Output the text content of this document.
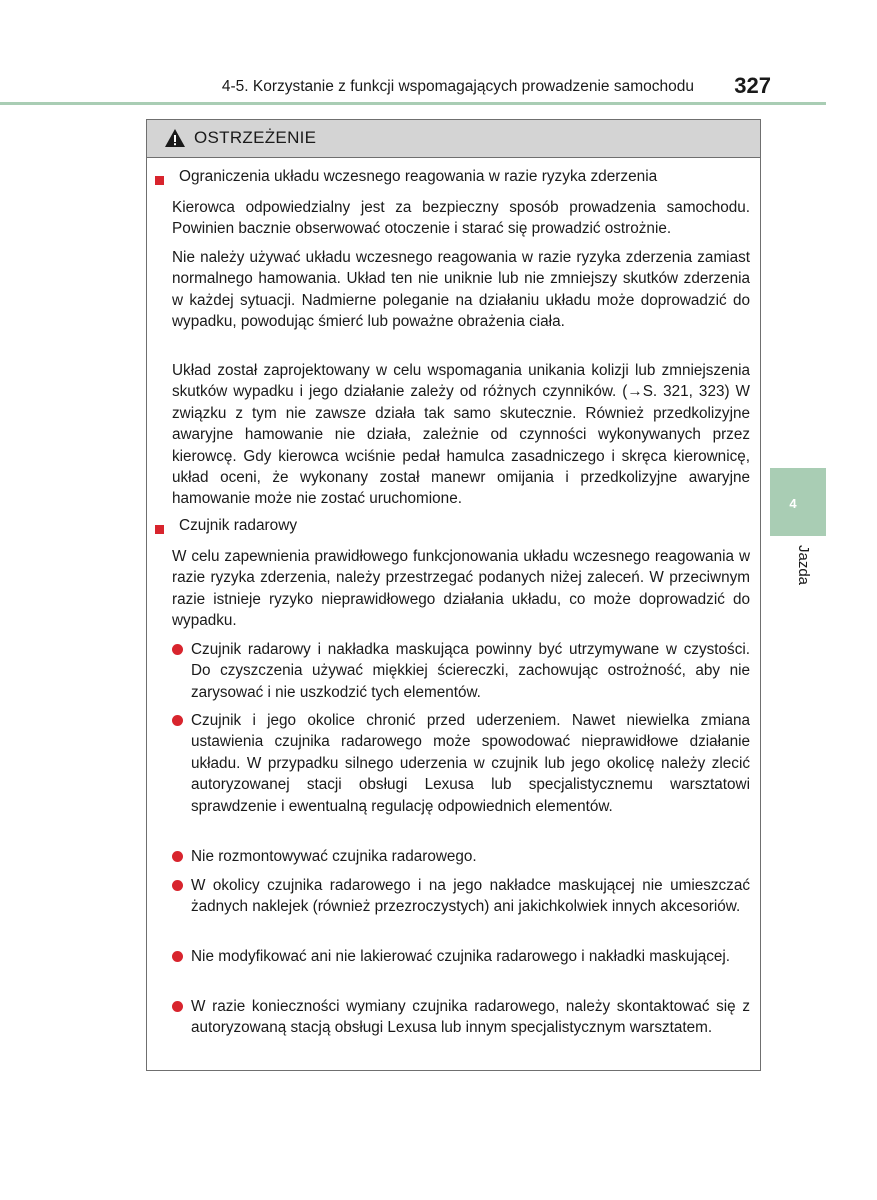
4-5. Korzystanie z funkcji wspomagających prowadzenie samochodu 327
4
Jazda
OSTRZEŻENIE
Ograniczenia układu wczesnego reagowania w razie ryzyka zderzenia
Kierowca odpowiedzialny jest za bezpieczny sposób prowadzenia samochodu. Powinien bacznie obserwować otoczenie i starać się prowadzić ostrożnie.
Nie należy używać układu wczesnego reagowania w razie ryzyka zderzenia zamiast normalnego hamowania. Układ ten nie uniknie lub nie zmniejszy skutków zderzenia w każdej sytuacji. Nadmierne poleganie na działaniu układu może doprowadzić do wypadku, powodując śmierć lub poważne obrażenia ciała.
Układ został zaprojektowany w celu wspomagania unikania kolizji lub zmniejszenia skutków wypadku i jego działanie zależy od różnych czynników. (→S. 321, 323) W związku z tym nie zawsze działa tak samo skutecznie. Również przedkolizyjne awaryjne hamowanie nie działa, zależnie od czynności wykonywanych przez kierowcę. Gdy kierowca wciśnie pedał hamulca zasadniczego i skręca kierownicę, układ oceni, że wykonany został manewr omijania i przedkolizyjne awaryjne hamowanie może nie zostać uruchomione.
Czujnik radarowy
W celu zapewnienia prawidłowego funkcjonowania układu wczesnego reagowania w razie ryzyka zderzenia, należy przestrzegać podanych niżej zaleceń. W przeciwnym razie istnieje ryzyko nieprawidłowego działania układu, co może doprowadzić do wypadku.
Czujnik radarowy i nakładka maskująca powinny być utrzymywane w czystości. Do czyszczenia używać miękkiej ściereczki, zachowując ostrożność, aby nie zarysować i nie uszkodzić tych elementów.
Czujnik i jego okolice chronić przed uderzeniem. Nawet niewielka zmiana ustawienia czujnika radarowego może spowodować nieprawidłowe działanie układu. W przypadku silnego uderzenia w czujnik lub jego okolicę należy zlecić autoryzowanej stacji obsługi Lexusa lub specjalistycznemu warsztatowi sprawdzenie i ewentualną regulację odpowiednich elementów.
Nie rozmontowywać czujnika radarowego.
W okolicy czujnika radarowego i na jego nakładce maskującej nie umieszczać żadnych naklejek (również przezroczystych) ani jakichkolwiek innych akcesoriów.
Nie modyfikować ani nie lakierować czujnika radarowego i nakładki maskującej.
W razie konieczności wymiany czujnika radarowego, należy skontaktować się z autoryzowaną stacją obsługi Lexusa lub innym specjalistycznym warsztatem.
